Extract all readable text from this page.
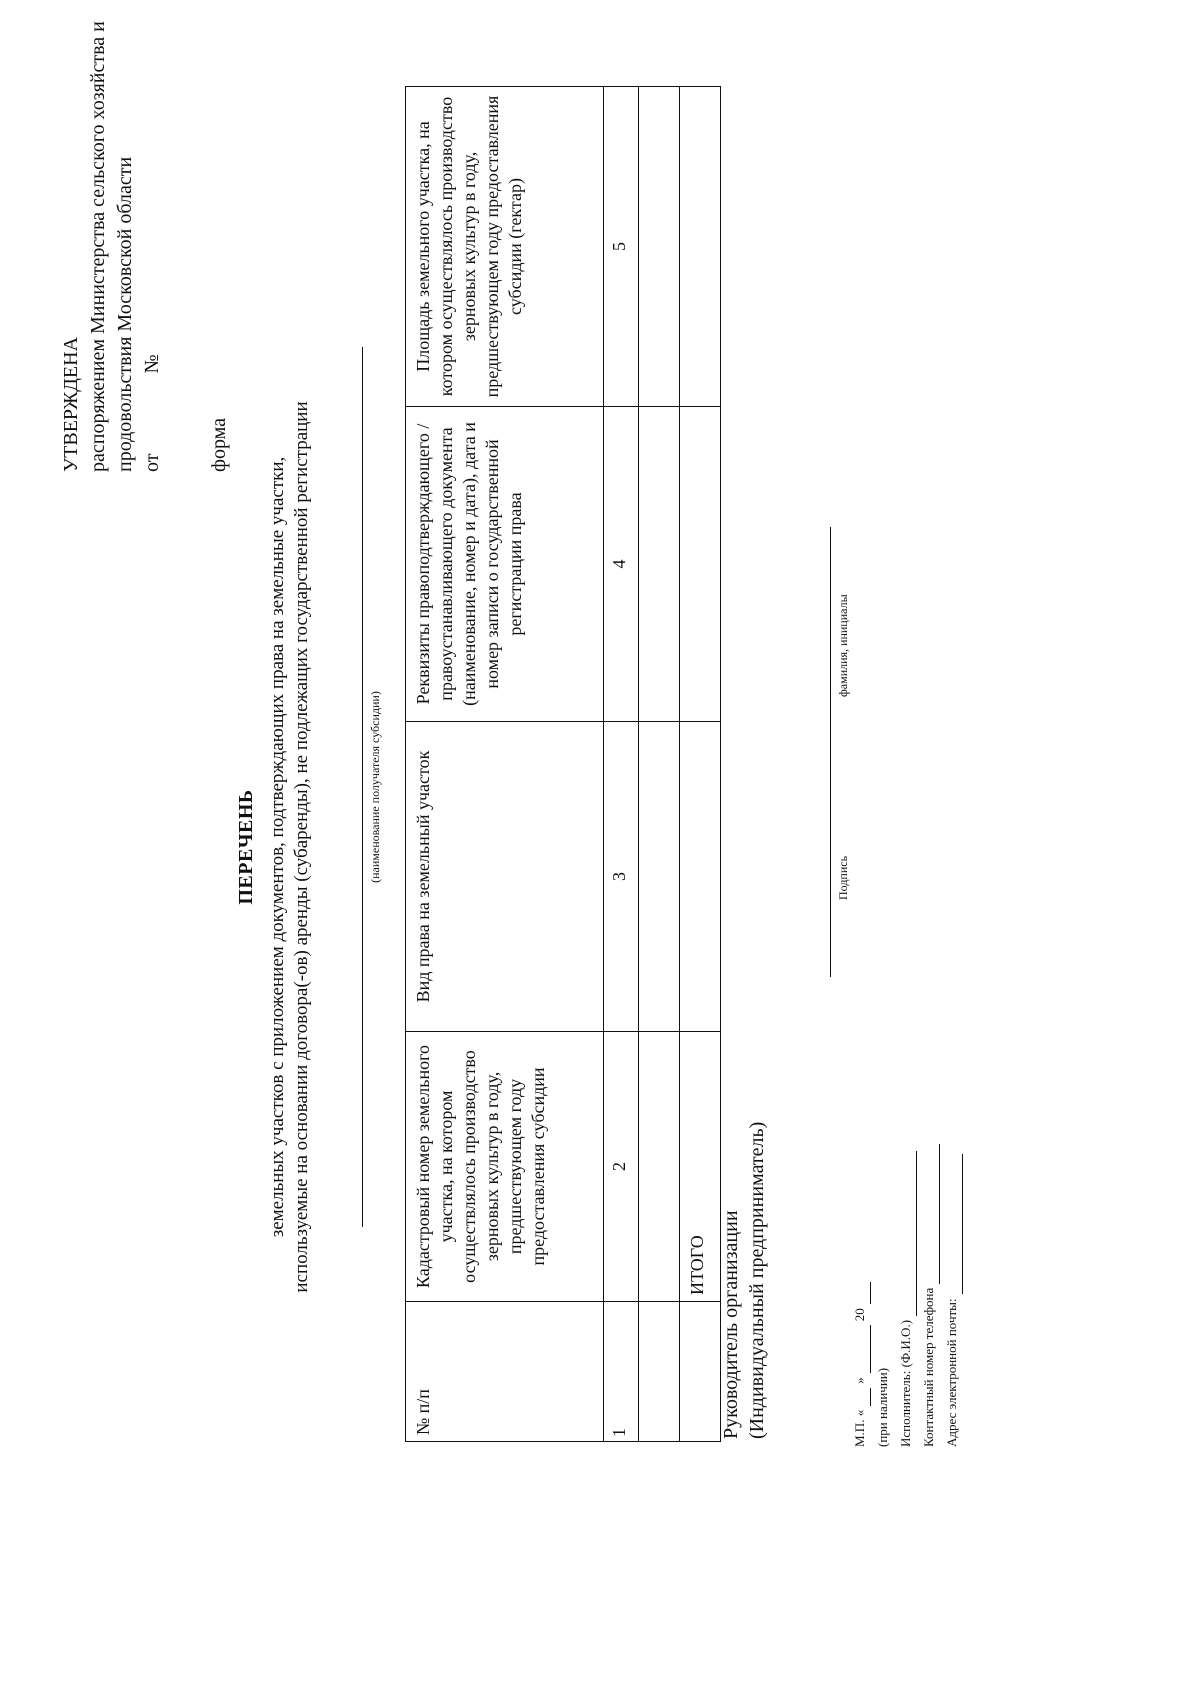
УТВЕРЖДЕНА распоряжением Министерства сельского хозяйства и продовольствия Московской области от
№
форма
ПЕРЕЧЕНЬ земельных участков с приложением документов, подтверждающих права на земельные участки, используемые на основании договора(-ов) аренды (субаренды), не подлежащих государственной регистрации	(наименование получателя субсидии)
№ п/п	Кадастровый номер земельного участка, на котором осуществлялось производство зерновых культур в году, предшествующем году предоставления субсидии	Вид права на земельный участок	Реквизиты правоподтверждающего /правоустанавливающего документа (наименование, номер и дата), дата и номер записи о государственной регистрации права	Площадь земельного участка, на котором осуществлялось производство зерновых культур в году, предшествующем году предоставления субсидии (гектар)
1	2	3	4	5

	ИТОГО			Руководитель организации (Индивидуальный предприниматель)
Подпись
фамилия, инициалы
М.П. «
»
20
(при наличии) Исполнитель: (Ф.И.О.) Контактный номер телефона Адрес электронной почты:
